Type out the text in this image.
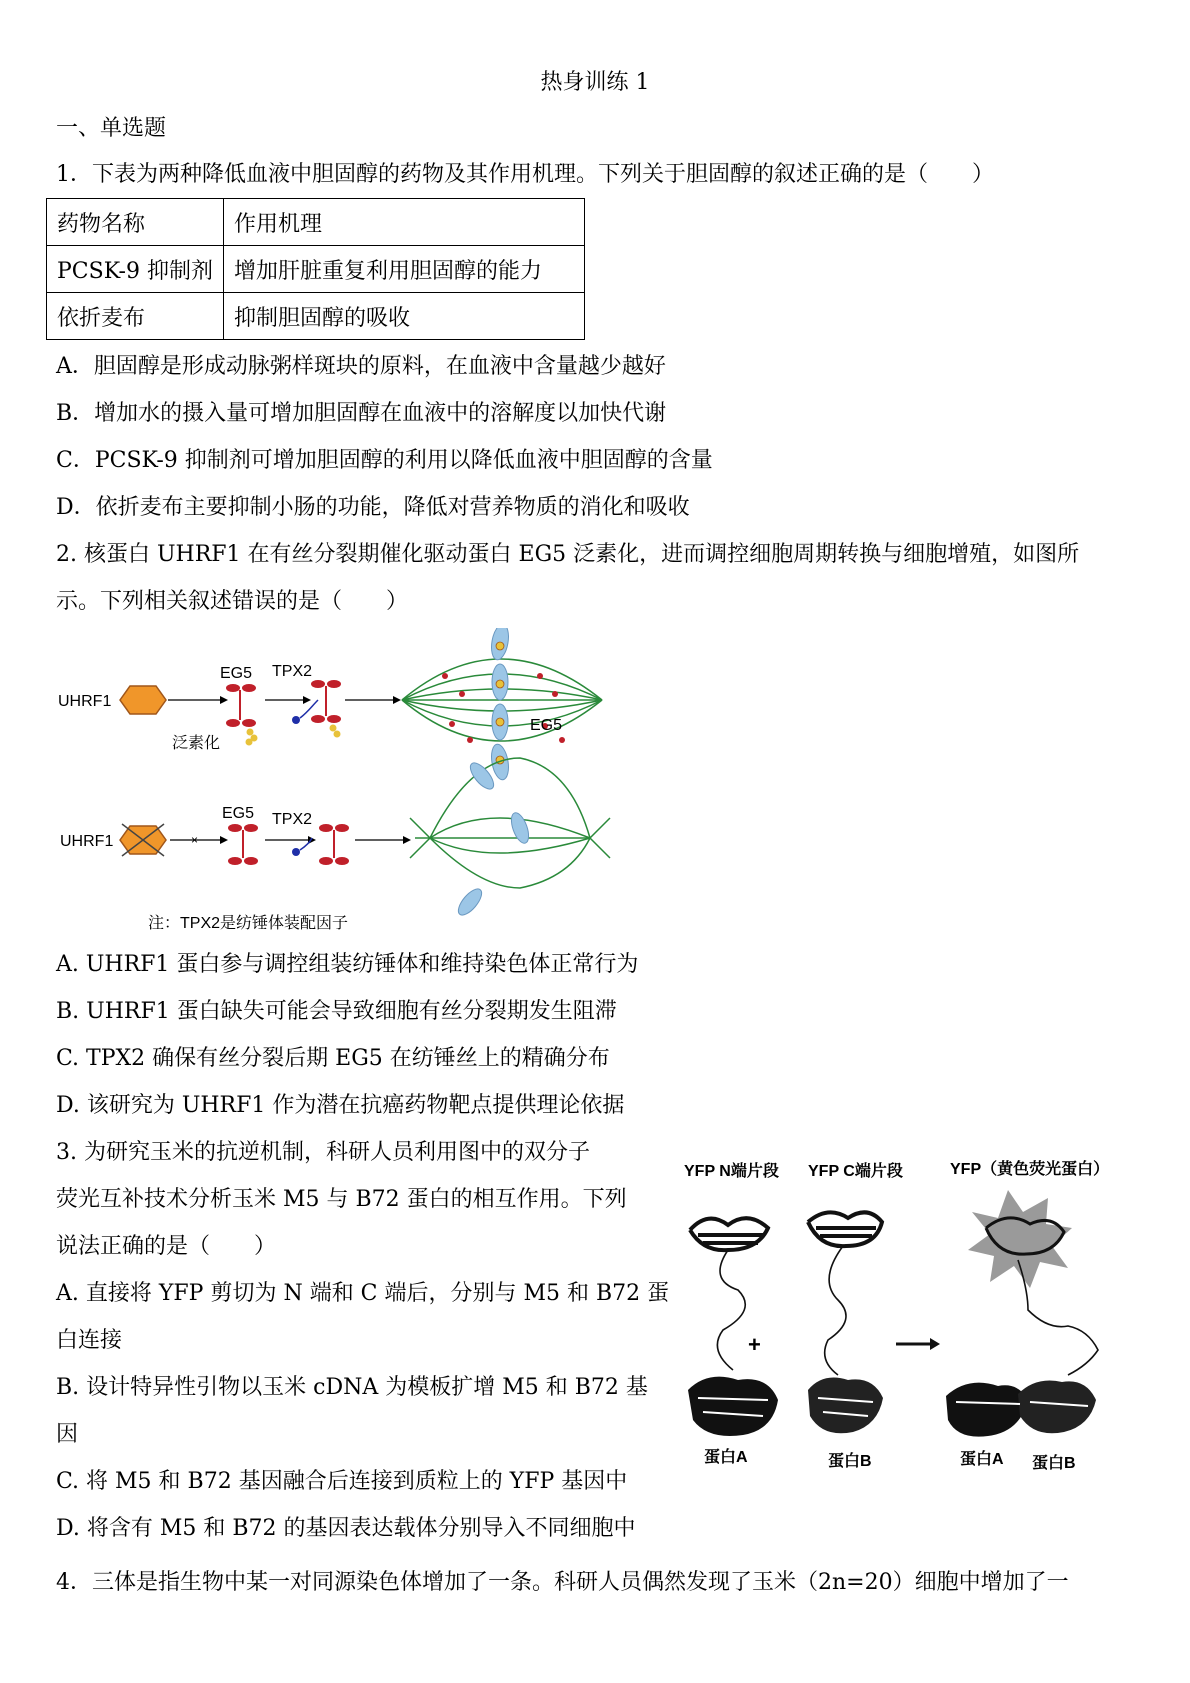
热身训练 1
一、单选题
1．下表为两种降低血液中胆固醇的药物及其作用机理。下列关于胆固醇的叙述正确的是（　　）
药物名称	作用机理
PCSK-9 抑制剂	增加肝脏重复利用胆固醇的能力
依折麦布	抑制胆固醇的吸收
A．胆固醇是形成动脉粥样斑块的原料，在血液中含量越少越好
B．增加水的摄入量可增加胆固醇在血液中的溶解度以加快代谢
C．PCSK-9 抑制剂可增加胆固醇的利用以降低血液中胆固醇的含量
D．依折麦布主要抑制小肠的功能，降低对营养物质的消化和吸收
2. 核蛋白 UHRF1 在有丝分裂期催化驱动蛋白 EG5 泛素化，进而调控细胞周期转换与细胞增殖，如图所
示。下列相关叙述错误的是（　　）
UHRF1
EG5
泛素化
TPX2
EG5
UHRF1	×
EG5 TPX2
注：TPX2是纺锤体装配因子
A. UHRF1 蛋白参与调控组装纺锤体和维持染色体正常行为
B. UHRF1 蛋白缺失可能会导致细胞有丝分裂期发生阻滞
C. TPX2 确保有丝分裂后期 EG5 在纺锤丝上的精确分布
D. 该研究为 UHRF1 作为潜在抗癌药物靶点提供理论依据
3. 为研究玉米的抗逆机制，科研人员利用图中的双分子
荧光互补技术分析玉米 M5 与 B72 蛋白的相互作用。下列
说法正确的是（　　）
A. 直接将 YFP 剪切为 N 端和 C 端后，分别与 M5 和 B72 蛋
白连接
B. 设计特异性引物以玉米 cDNA 为模板扩增 M5 和 B72 基
因
C. 将 M5 和 B72 基因融合后连接到质粒上的 YFP 基因中
D. 将含有 M5 和 B72 的基因表达载体分别导入不同细胞中
YFP N端片段 YFP C端片段	YFP（黄色荧光蛋白）
蛋白A
+
蛋白B	蛋白A 蛋白B
4．三体是指生物中某一对同源染色体增加了一条。科研人员偶然发现了玉米（2n=20）细胞中增加了一
